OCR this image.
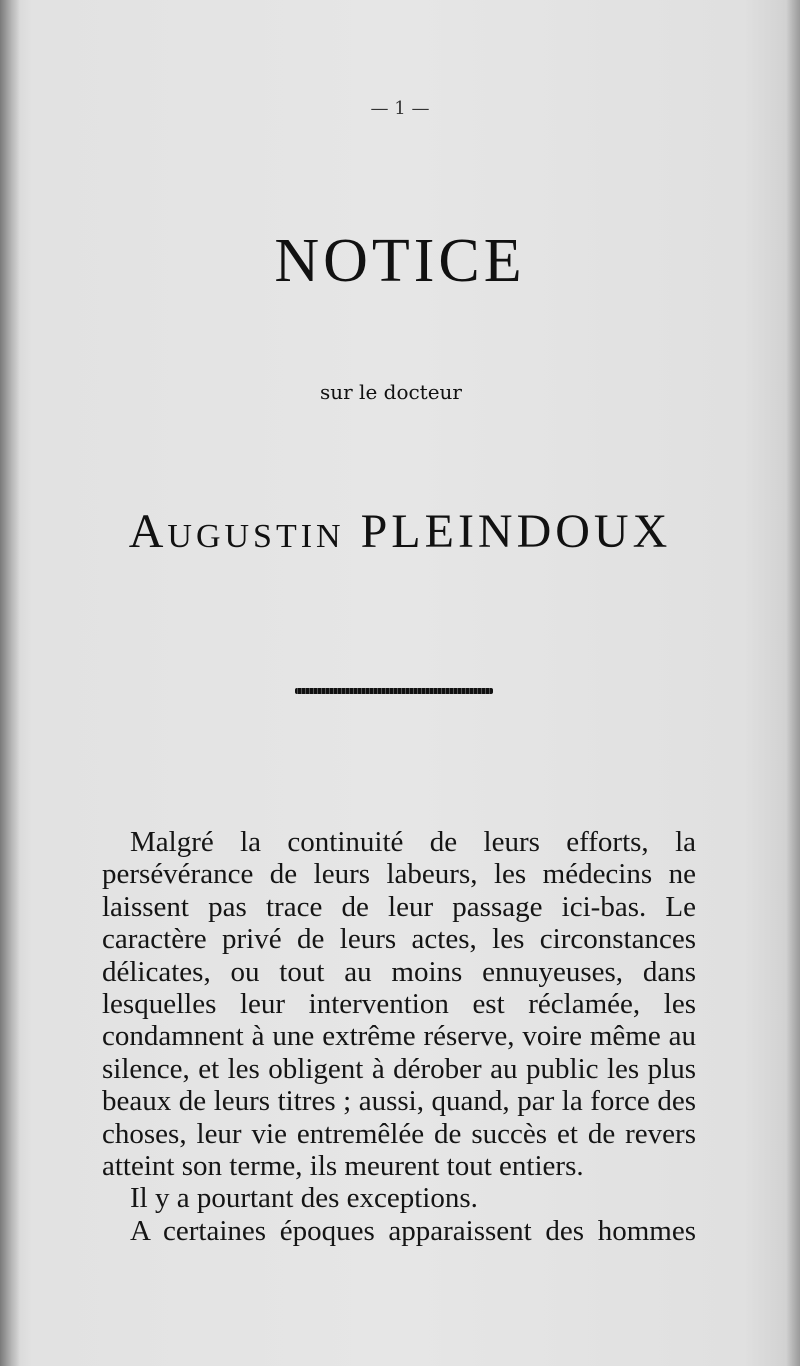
— 1 —
NOTICE
sur le docteur
Augustin PLEINDOUX

Malgré la continuité de leurs efforts, la persévérance de leurs labeurs, les médecins ne laissent pas trace de leur passage ici-bas. Le caractère privé de leurs actes, les circonstances délicates, ou tout au moins ennuyeuses, dans lesquelles leur intervention est réclamée, les condamnent à une extrême réserve, voire même au silence, et les obligent à dérober au public les plus beaux de leurs titres ; aussi, quand, par la force des choses, leur vie entremêlée de succès et de revers atteint son terme, ils meurent tout entiers.

Il y a pourtant des exceptions.

A certaines époques apparaissent des hommes
